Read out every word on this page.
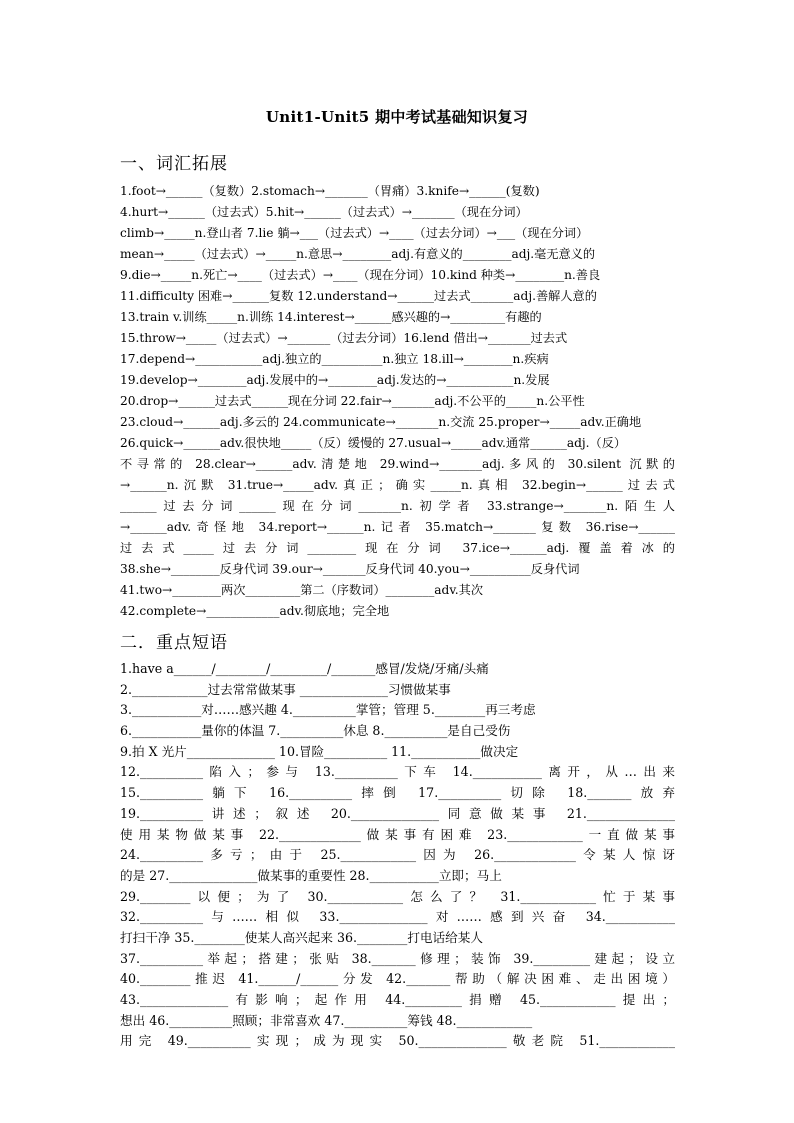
Unit1-Unit5 期中考试基础知识复习
一、词汇拓展
1.foot→______（复数）2.stomach→_______（胃痛）3.knife→______(复数)
4.hurt→______（过去式）5.hit→______（过去式）→_______（现在分词）
climb→_____n.登山者 7.lie 躺→___（过去式）→____（过去分词）→___（现在分词）
mean→_____（过去式）→_____n.意思→________adj.有意义的________adj.毫无意义的
9.die→_____n.死亡→____（过去式）→____（现在分词）10.kind 种类→________n.善良
11.difficulty 困难→______复数 12.understand→______过去式_______adj.善解人意的
13.train v.训练_____n.训练 14.interest→______感兴趣的→_________有趣的
15.throw→_____（过去式）→_______（过去分词）16.lend 借出→_______过去式
17.depend→___________adj.独立的__________n.独立 18.ill→________n.疾病
19.develop→________adj.发展中的→________adj.发达的→___________n.发展
20.drop→______过去式______现在分词 22.fair→_______adj.不公平的_____n.公平性
23.cloud→______adj.多云的 24.communicate→_______n.交流 25.proper→_____adv.正确地
26.quick→______adv.很快地_____（反）缓慢的 27.usual→_____adv.通常______adj.（反）
不寻常的 28.clear→______adv.清楚地 29.wind→_______adj.多风的 30.silent 沉默的
→______n.沉默 31.true→_____adv.真正；确实_____n.真相 32.begin→______过去式
______过去分词______现在分词_______n.初学者 33.strange→_______n.陌生人
→______adv.奇怪地 34.report→______n.记者 35.match→_______复数 36.rise→______
过去式_____过去分词________现在分词 37.ice→______adj.覆盖着冰的
38.she→________反身代词 39.our→_______反身代词 40.you→__________反身代词
41.two→________两次_________第二（序数词）________adv.其次
42.complete→____________adv.彻底地；完全地
二．重点短语
1.have a______/________/_________/_______感冒/发烧/牙痛/头痛
2.____________过去常常做某事 ______________习惯做某事
3.___________对……感兴趣 4.__________掌管；管理 5.________再三考虑
6.___________量你的体温 7.__________休息 8.__________是自己受伤
9.拍 X 光片______________ 10.冒险__________ 11.___________做决定
12.__________陷入；参与 13.__________下车 14.___________离开，从…出来
15.__________躺下 16.__________摔倒 17.__________切除 18._______放弃
19.__________讲述；叙述 20.______________同意做某事 21.______________
使用某物做某事 22._____________做某事有困难 23.____________一直做某事
24.__________多亏；由于 25.____________因为 26._____________令某人惊讶
的是 27.______________做某事的重要性 28.___________立即；马上
29.________以便；为了 30.____________怎么了？ 31.____________忙于某事
32.__________与……相似 33.______________对……感到兴奋 34.___________
打扫干净 35.________使某人高兴起来 36.________打电话给某人
37.__________举起；搭建；张贴 38._______修理；装饰 39._________建起；设立
40.________推迟 41.______/______分发 42._______帮助（解决困难、走出困境）
43.______________有影响；起作用 44._________捐赠 45.____________提出；
想出 46.__________照顾；非常喜欢 47.__________筹钱 48.____________
用完 49.__________实现；成为现实 50.______________敬老院 51.____________
